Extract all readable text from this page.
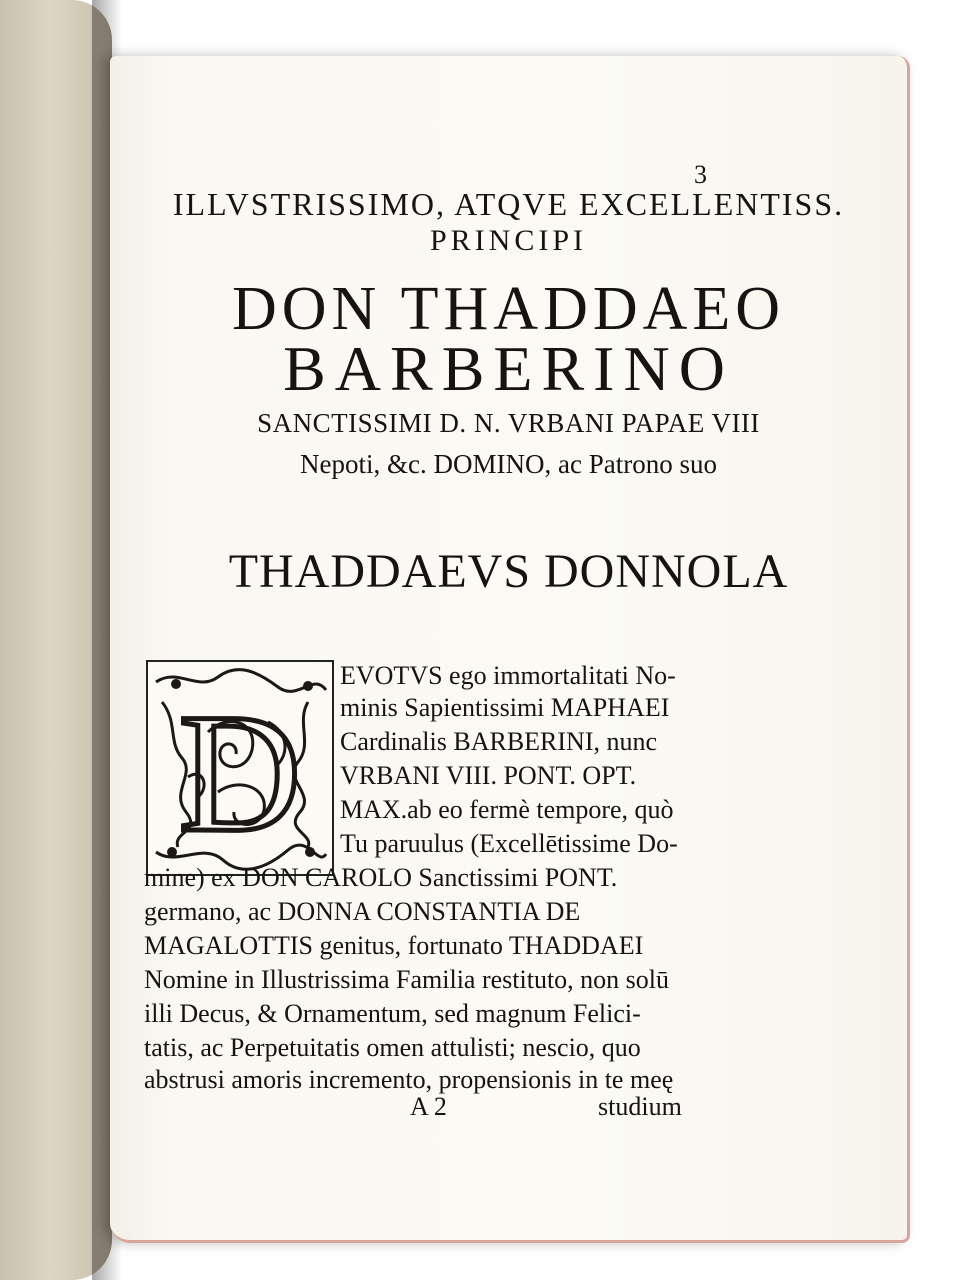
3
ILLVSTRISSIMO, ATQVE EXCELLENTISS.
PRINCIPI
DON THADDAEO
BARBERINO
SANCTISSIMI D. N. VRBANI PAPAE VIII
Nepoti, &c. DOMINO, ac Patrono suo
THADDAEVS DONNOLA
D
EVOTVS ego immortalitati No-
minis Sapientissimi MAPHAEI
Cardinalis BARBERINI, nunc
VRBANI VIII. PONT. OPT.
MAX.ab eo fermè tempore, quò
Tu paruulus (Excellētissime Do-
mine) ex DON CAROLO Sanctissimi PONT.
germano, ac DONNA CONSTANTIA DE
MAGALOTTIS genitus, fortunato THADDAEI
Nomine in Illustrissima Familia restituto, non solū
illi Decus, & Ornamentum, sed magnum Felici-
tatis, ac Perpetuitatis omen attulisti; nescio, quo
abstrusi amoris incremento, propensionis in te meę
A 2	studium
